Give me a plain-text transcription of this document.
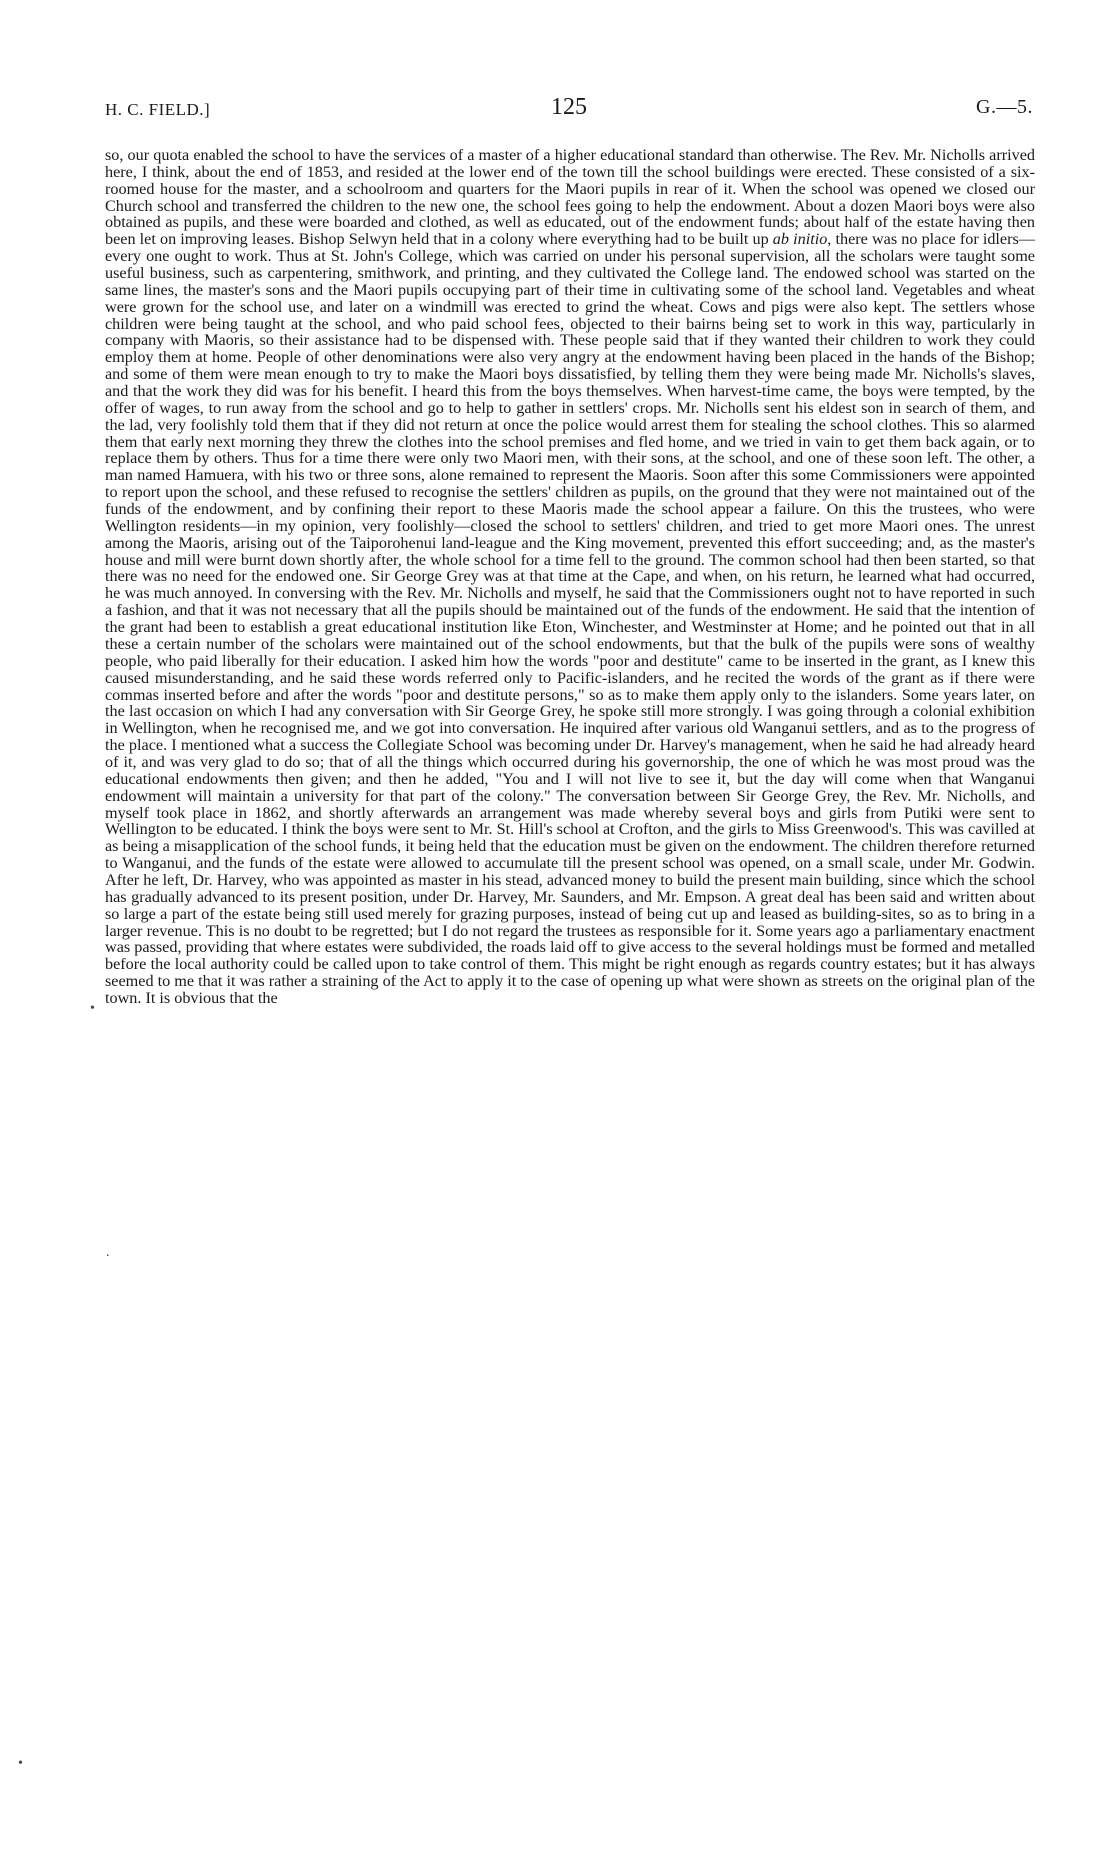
H. C. FIELD.]	125	G.—5.

so, our quota enabled the school to have the services of a master of a higher educational standard than otherwise. The Rev. Mr. Nicholls arrived here, I think, about the end of 1853, and resided at the lower end of the town till the school buildings were erected. These consisted of a six-roomed house for the master, and a schoolroom and quarters for the Maori pupils in rear of it. When the school was opened we closed our Church school and transferred the children to the new one, the school fees going to help the endowment. About a dozen Maori boys were also obtained as pupils, and these were boarded and clothed, as well as educated, out of the endowment funds; about half of the estate having then been let on improving leases. Bishop Selwyn held that in a colony where everything had to be built up ab initio, there was no place for idlers—every one ought to work. Thus at St. John's College, which was carried on under his personal supervision, all the scholars were taught some useful business, such as carpentering, smithwork, and printing, and they cultivated the College land. The endowed school was started on the same lines, the master's sons and the Maori pupils occupying part of their time in cultivating some of the school land. Vegetables and wheat were grown for the school use, and later on a windmill was erected to grind the wheat. Cows and pigs were also kept. The settlers whose children were being taught at the school, and who paid school fees, objected to their bairns being set to work in this way, particularly in company with Maoris, so their assistance had to be dispensed with. These people said that if they wanted their children to work they could employ them at home. People of other denominations were also very angry at the endowment having been placed in the hands of the Bishop; and some of them were mean enough to try to make the Maori boys dissatisfied, by telling them they were being made Mr. Nicholls's slaves, and that the work they did was for his benefit. I heard this from the boys themselves. When harvest-time came, the boys were tempted, by the offer of wages, to run away from the school and go to help to gather in settlers' crops. Mr. Nicholls sent his eldest son in search of them, and the lad, very foolishly told them that if they did not return at once the police would arrest them for stealing the school clothes. This so alarmed them that early next morning they threw the clothes into the school premises and fled home, and we tried in vain to get them back again, or to replace them by others. Thus for a time there were only two Maori men, with their sons, at the school, and one of these soon left. The other, a man named Hamuera, with his two or three sons, alone remained to represent the Maoris. Soon after this some Commissioners were appointed to report upon the school, and these refused to recognise the settlers' children as pupils, on the ground that they were not maintained out of the funds of the endowment, and by confining their report to these Maoris made the school appear a failure. On this the trustees, who were Wellington residents—in my opinion, very foolishly—closed the school to settlers' children, and tried to get more Maori ones. The unrest among the Maoris, arising out of the Taiporohenui land-league and the King movement, prevented this effort succeeding; and, as the master's house and mill were burnt down shortly after, the whole school for a time fell to the ground. The common school had then been started, so that there was no need for the endowed one. Sir George Grey was at that time at the Cape, and when, on his return, he learned what had occurred, he was much annoyed. In conversing with the Rev. Mr. Nicholls and myself, he said that the Commissioners ought not to have reported in such a fashion, and that it was not necessary that all the pupils should be maintained out of the funds of the endowment. He said that the intention of the grant had been to establish a great educational institution like Eton, Winchester, and Westminster at Home; and he pointed out that in all these a certain number of the scholars were maintained out of the school endowments, but that the bulk of the pupils were sons of wealthy people, who paid liberally for their education. I asked him how the words "poor and destitute" came to be inserted in the grant, as I knew this caused misunderstanding, and he said these words referred only to Pacific-islanders, and he recited the words of the grant as if there were commas inserted before and after the words "poor and destitute persons," so as to make them apply only to the islanders. Some years later, on the last occasion on which I had any conversation with Sir George Grey, he spoke still more strongly. I was going through a colonial exhibition in Wellington, when he recognised me, and we got into conversation. He inquired after various old Wanganui settlers, and as to the progress of the place. I mentioned what a success the Collegiate School was becoming under Dr. Harvey's management, when he said he had already heard of it, and was very glad to do so; that of all the things which occurred during his governorship, the one of which he was most proud was the educational endowments then given; and then he added, "You and I will not live to see it, but the day will come when that Wanganui endowment will maintain a university for that part of the colony." The conversation between Sir George Grey, the Rev. Mr. Nicholls, and myself took place in 1862, and shortly afterwards an arrangement was made whereby several boys and girls from Putiki were sent to Wellington to be educated. I think the boys were sent to Mr. St. Hill's school at Crofton, and the girls to Miss Greenwood's. This was cavilled at as being a misapplication of the school funds, it being held that the education must be given on the endowment. The children therefore returned to Wanganui, and the funds of the estate were allowed to accumulate till the present school was opened, on a small scale, under Mr. Godwin. After he left, Dr. Harvey, who was appointed as master in his stead, advanced money to build the present main building, since which the school has gradually advanced to its present position, under Dr. Harvey, Mr. Saunders, and Mr. Empson. A great deal has been said and written about so large a part of the estate being still used merely for grazing purposes, instead of being cut up and leased as building-sites, so as to bring in a larger revenue. This is no doubt to be regretted; but I do not regard the trustees as responsible for it. Some years ago a parliamentary enactment was passed, providing that where estates were subdivided, the roads laid off to give access to the several holdings must be formed and metalled before the local authority could be called upon to take control of them. This might be right enough as regards country estates; but it has always seemed to me that it was rather a straining of the Act to apply it to the case of opening up what were shown as streets on the original plan of the town. It is obvious that the

•
.
•
